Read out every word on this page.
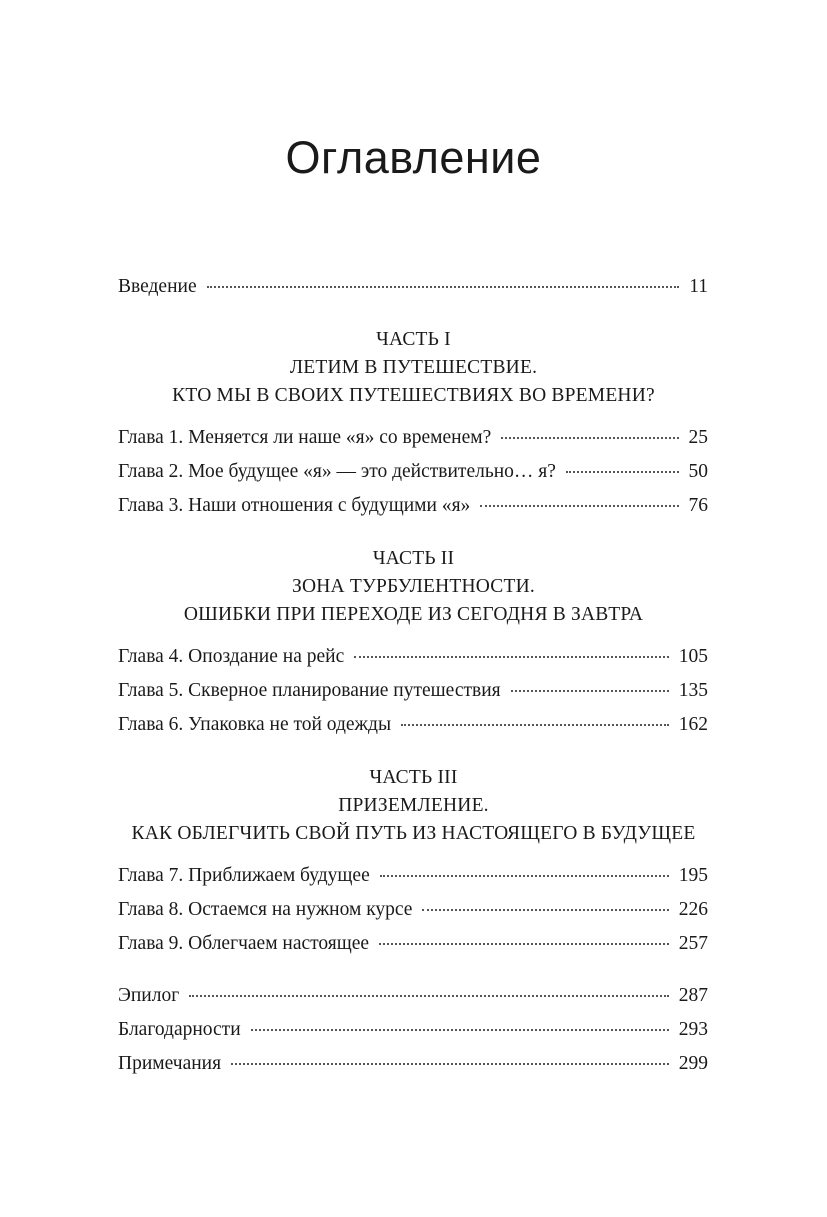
Оглавление
Введение	11
ЧАСТЬ I
ЛЕТИМ В ПУТЕШЕСТВИЕ.
КТО МЫ В СВОИХ ПУТЕШЕСТВИЯХ ВО ВРЕМЕНИ?
Глава 1. Меняется ли наше «я» со временем?	25
Глава 2. Мое будущее «я» — это действительно… я?	50
Глава 3. Наши отношения с будущими «я»	76
ЧАСТЬ II
ЗОНА ТУРБУЛЕНТНОСТИ.
ОШИБКИ ПРИ ПЕРЕХОДЕ ИЗ СЕГОДНЯ В ЗАВТРА
Глава 4. Опоздание на рейс	105
Глава 5. Скверное планирование путешествия	135
Глава 6. Упаковка не той одежды	162
ЧАСТЬ III
ПРИЗЕМЛЕНИЕ.
КАК ОБЛЕГЧИТЬ СВОЙ ПУТЬ ИЗ НАСТОЯЩЕГО В БУДУЩЕЕ
Глава 7. Приближаем будущее	195
Глава 8. Остаемся на нужном курсе	226
Глава 9. Облегчаем настоящее	257
Эпилог	287
Благодарности	293
Примечания	299
